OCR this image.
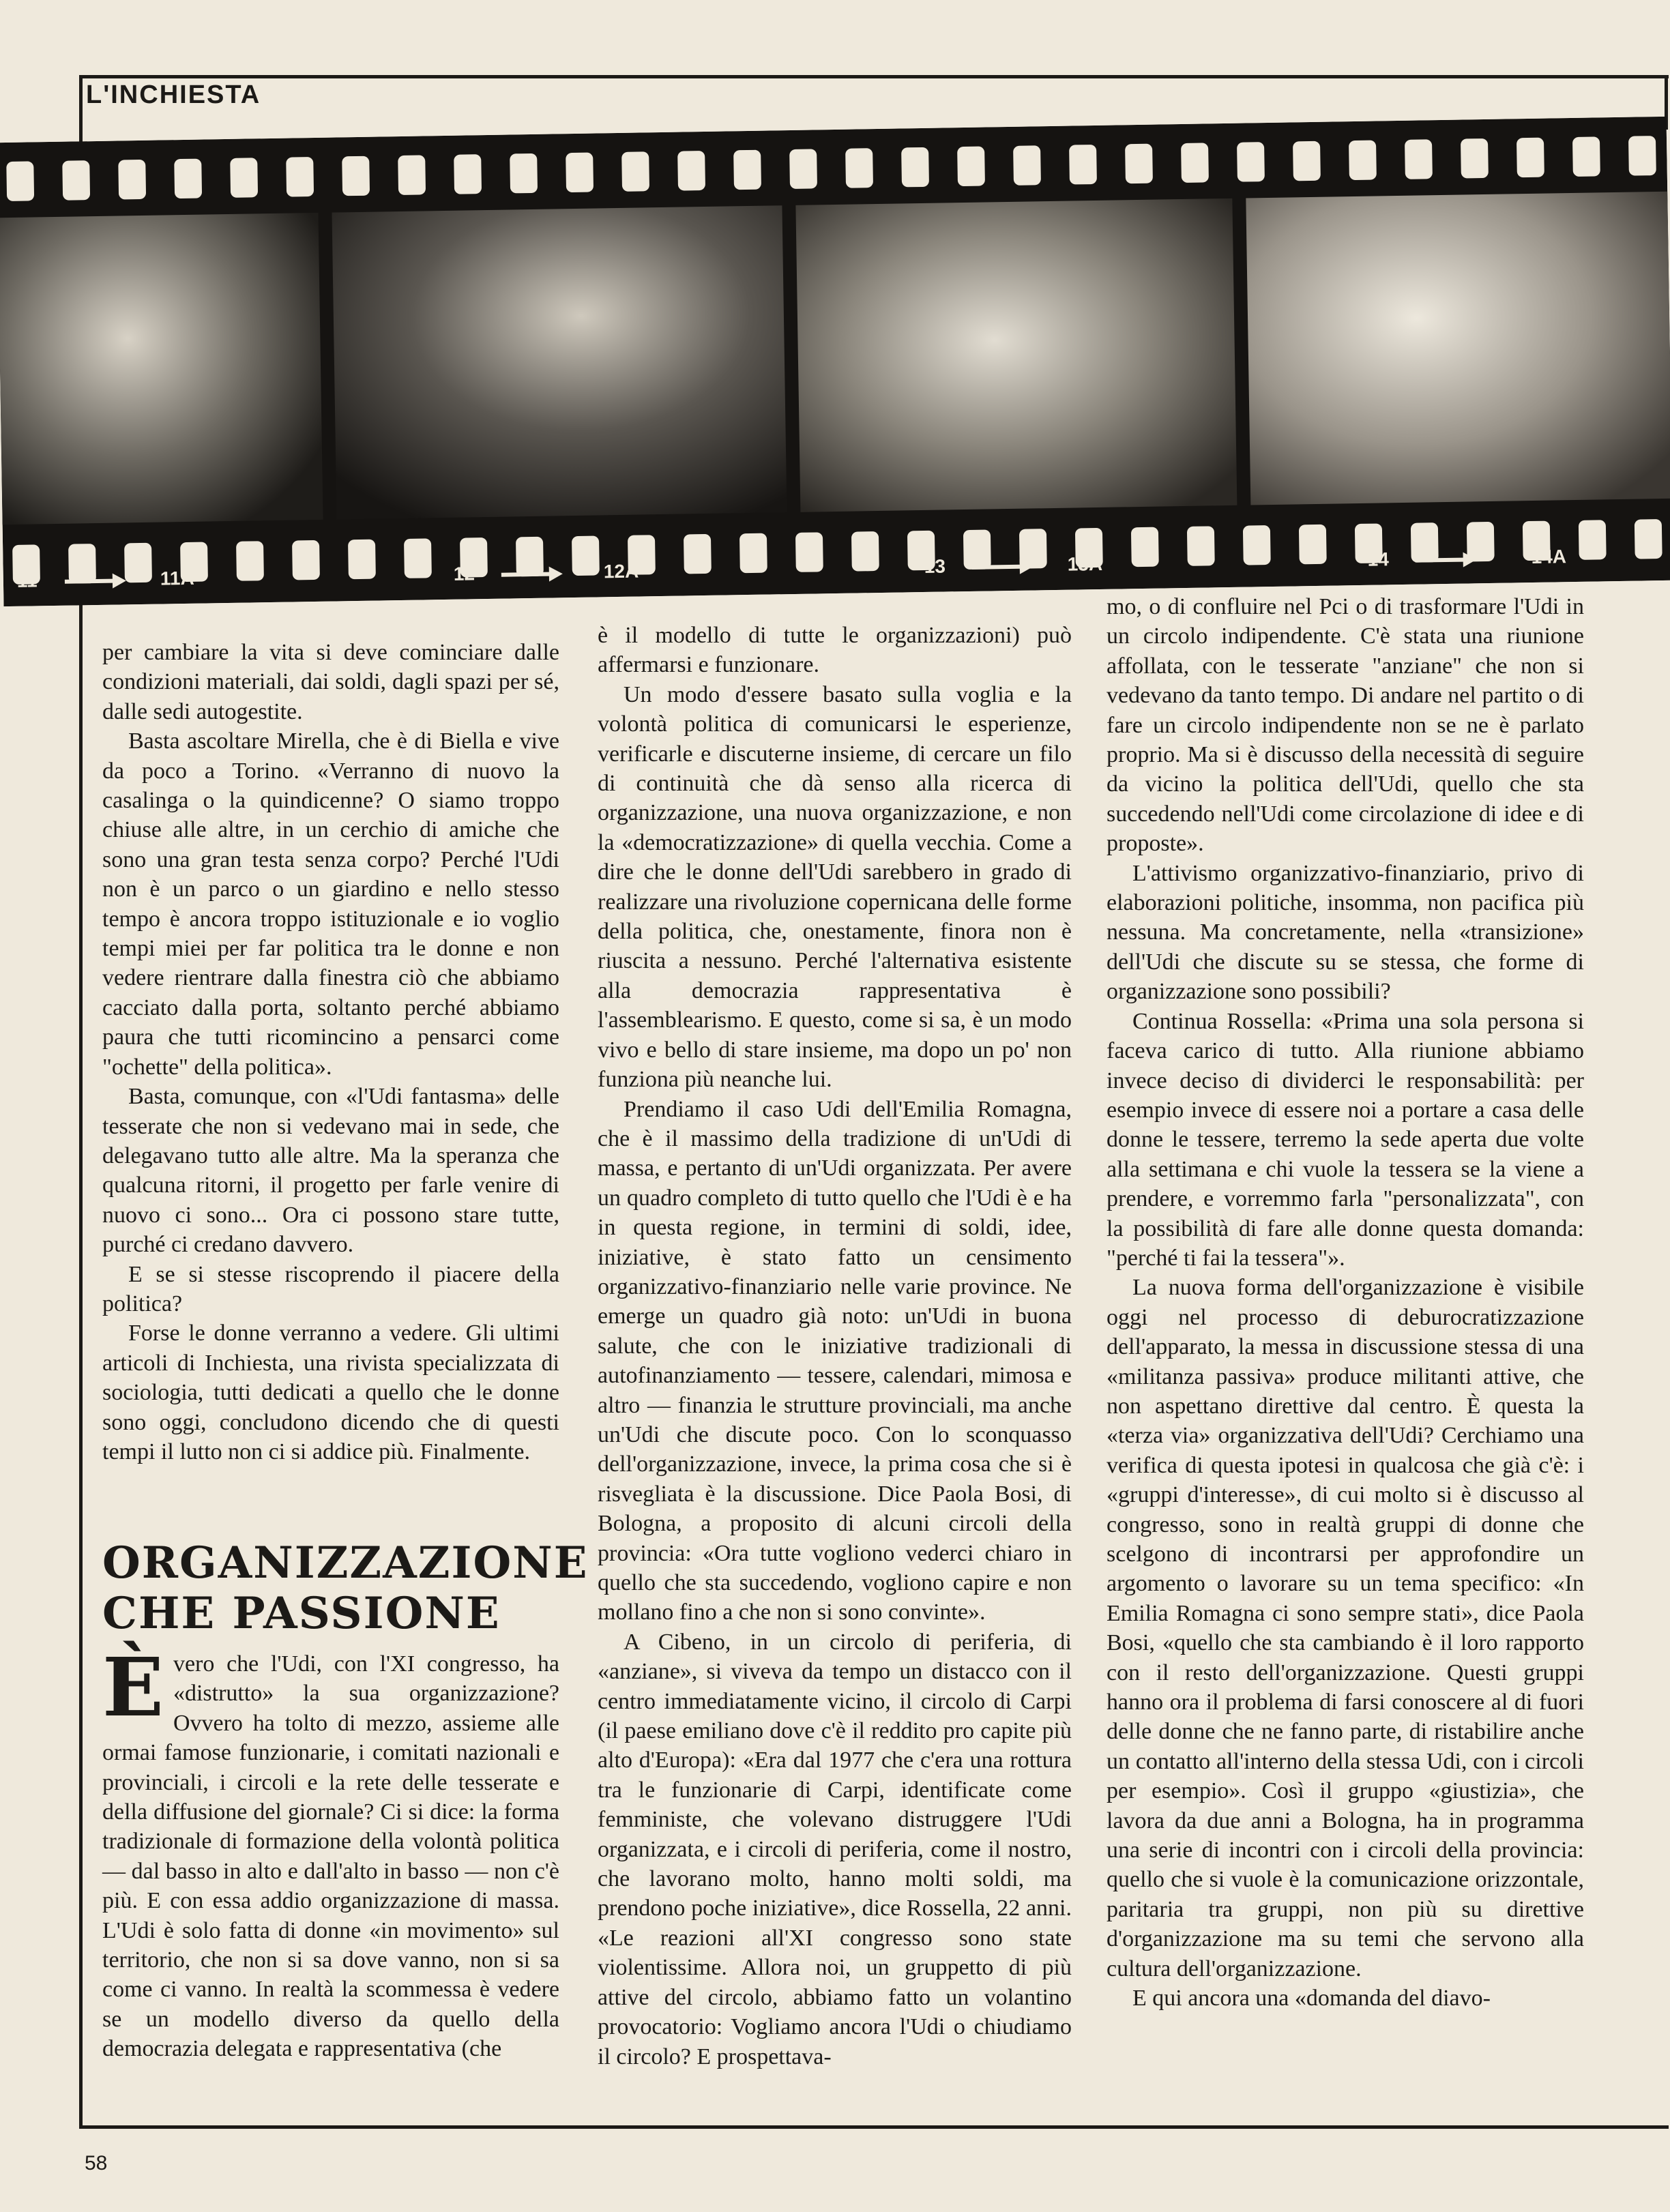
L'INCHIESTA
11	11A	12	12A	13	13A	14	14A

per cambiare la vita si deve cominciare dalle condizioni materiali, dai soldi, dagli spazi per sé, dalle sedi autogestite.

Basta ascoltare Mirella, che è di Biella e vive da poco a Torino. «Verranno di nuovo la casalinga o la quindicenne? O siamo troppo chiuse alle altre, in un cerchio di amiche che sono una gran testa senza corpo? Perché l'Udi non è un parco o un giardino e nello stesso tempo è ancora troppo istituzionale e io voglio tempi miei per far politica tra le donne e non vedere rientrare dalla finestra ciò che abbiamo cacciato dalla porta, soltanto perché abbiamo paura che tutti ricomincino a pensarci come "ochette" della politica».

Basta, comunque, con «l'Udi fantasma» delle tesserate che non si vedevano mai in sede, che delegavano tutto alle altre. Ma la speranza che qualcuna ritorni, il progetto per farle venire di nuovo ci sono... Ora ci possono stare tutte, purché ci credano davvero.

E se si stesse riscoprendo il piacere della politica?

Forse le donne verranno a vedere. Gli ultimi articoli di Inchiesta, una rivista specializzata di sociologia, tutti dedicati a quello che le donne sono oggi, concludono dicendo che di questi tempi il lutto non ci si addice più. Finalmente.

ORGANIZZAZIONE
CHE PASSIONE
È vero che l'Udi, con l'XI congresso, ha «distrutto» la sua organizzazione? Ovvero ha tolto di mezzo, assieme alle ormai famose funzionarie, i comitati nazionali e provinciali, i circoli e la rete delle tesserate e della diffusione del giornale? Ci si dice: la forma tradizionale di formazione della volontà politica — dal basso in alto e dall'alto in basso — non c'è più. E con essa addio organizzazione di massa. L'Udi è solo fatta di donne «in movimento» sul territorio, che non si sa dove vanno, non si sa come ci vanno. In realtà la scommessa è vedere se un modello diverso da quello della democrazia delegata e rappresentativa (che

è il modello di tutte le organizzazioni) può affermarsi e funzionare.

Un modo d'essere basato sulla voglia e la volontà politica di comunicarsi le esperienze, verificarle e discuterne insieme, di cercare un filo di continuità che dà senso alla ricerca di organizzazione, una nuova organizzazione, e non la «democratizzazione» di quella vecchia. Come a dire che le donne dell'Udi sarebbero in grado di realizzare una rivoluzione copernicana delle forme della politica, che, onestamente, finora non è riuscita a nessuno. Perché l'alternativa esistente alla democrazia rappresentativa è l'assemblearismo. E questo, come si sa, è un modo vivo e bello di stare insieme, ma dopo un po' non funziona più neanche lui.

Prendiamo il caso Udi dell'Emilia Romagna, che è il massimo della tradizione di un'Udi di massa, e pertanto di un'Udi organizzata. Per avere un quadro completo di tutto quello che l'Udi è e ha in questa regione, in termini di soldi, idee, iniziative, è stato fatto un censimento organizzativo-finanziario nelle varie province. Ne emerge un quadro già noto: un'Udi in buona salute, che con le iniziative tradizionali di autofinanziamento — tessere, calendari, mimosa e altro — finanzia le strutture provinciali, ma anche un'Udi che discute poco. Con lo sconquasso dell'organizzazione, invece, la prima cosa che si è risvegliata è la discussione. Dice Paola Bosi, di Bologna, a proposito di alcuni circoli della provincia: «Ora tutte vogliono vederci chiaro in quello che sta succedendo, vogliono capire e non mollano fino a che non si sono convinte».

A Cibeno, in un circolo di periferia, di «anziane», si viveva da tempo un distacco con il centro immediatamente vicino, il circolo di Carpi (il paese emiliano dove c'è il reddito pro capite più alto d'Europa): «Era dal 1977 che c'era una rottura tra le funzionarie di Carpi, identificate come femministe, che volevano distruggere l'Udi organizzata, e i circoli di periferia, come il nostro, che lavorano molto, hanno molti soldi, ma prendono poche iniziative», dice Rossella, 22 anni. «Le reazioni all'XI congresso sono state violentissime. Allora noi, un gruppetto di più attive del circolo, abbiamo fatto un volantino provocatorio: Vogliamo ancora l'Udi o chiudiamo il circolo? E prospettava-

mo, o di confluire nel Pci o di trasformare l'Udi in un circolo indipendente. C'è stata una riunione affollata, con le tesserate "anziane" che non si vedevano da tanto tempo. Di andare nel partito o di fare un circolo indipendente non se ne è parlato proprio. Ma si è discusso della necessità di seguire da vicino la politica dell'Udi, quello che sta succedendo nell'Udi come circolazione di idee e di proposte».

L'attivismo organizzativo-finanziario, privo di elaborazioni politiche, insomma, non pacifica più nessuna. Ma concretamente, nella «transizione» dell'Udi che discute su se stessa, che forme di organizzazione sono possibili?

Continua Rossella: «Prima una sola persona si faceva carico di tutto. Alla riunione abbiamo invece deciso di dividerci le responsabilità: per esempio invece di essere noi a portare a casa delle donne le tessere, terremo la sede aperta due volte alla settimana e chi vuole la tessera se la viene a prendere, e vorremmo farla "personalizzata", con la possibilità di fare alle donne questa domanda: "perché ti fai la tessera"».

La nuova forma dell'organizzazione è visibile oggi nel processo di deburocratizzazione dell'apparato, la messa in discussione stessa di una «militanza passiva» produce militanti attive, che non aspettano direttive dal centro. È questa la «terza via» organizzativa dell'Udi? Cerchiamo una verifica di questa ipotesi in qualcosa che già c'è: i «gruppi d'interesse», di cui molto si è discusso al congresso, sono in realtà gruppi di donne che scelgono di incontrarsi per approfondire un argomento o lavorare su un tema specifico: «In Emilia Romagna ci sono sempre stati», dice Paola Bosi, «quello che sta cambiando è il loro rapporto con il resto dell'organizzazione. Questi gruppi hanno ora il problema di farsi conoscere al di fuori delle donne che ne fanno parte, di ristabilire anche un contatto all'interno della stessa Udi, con i circoli per esempio». Così il gruppo «giustizia», che lavora da due anni a Bologna, ha in programma una serie di incontri con i circoli della provincia: quello che si vuole è la comunicazione orizzontale, paritaria tra gruppi, non più su direttive d'organizzazione ma su temi che servono alla cultura dell'organizzazione.

E qui ancora una «domanda del diavo-

58
